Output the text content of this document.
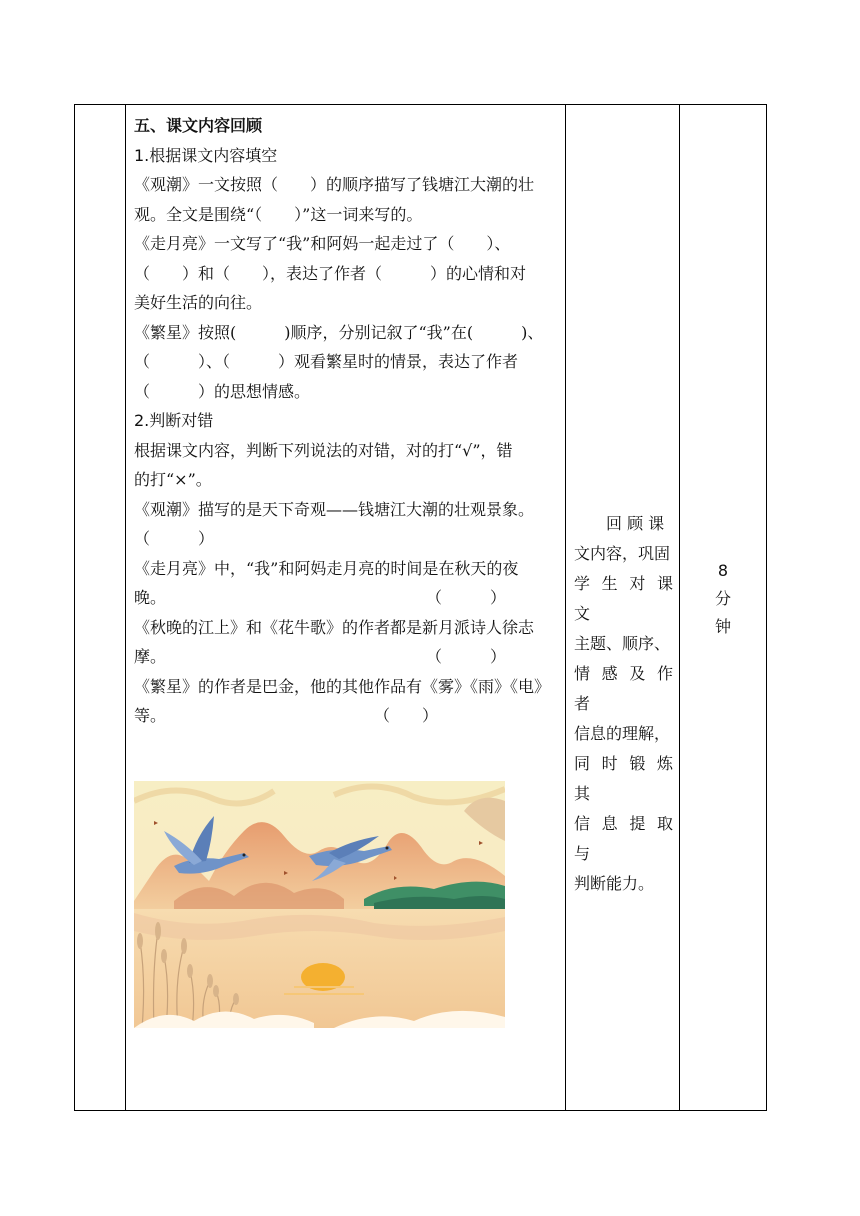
五、课文内容回顾

1.根据课文内容填空

《观潮》一文按照（　　）的顺序描写了钱塘江大潮的壮

观。全文是围绕“（　　）”这一词来写的。

《走月亮》一文写了“我”和阿妈一起走过了（　　）、

（　　）和（　　），表达了作者（　　　）的心情和对

美好生活的向往。

《繁星》按照(　　　)顺序，分别记叙了“我”在(　　　)、

（　　　）、（　　　）观看繁星时的情景，表达了作者

（　　　）的思想情感。

2.判断对错

根据课文内容，判断下列说法的对错，对的打“√”，错

的打“×”。

《观潮》描写的是天下奇观——钱塘江大潮的壮观景象。

（　　　）

《走月亮》中，“我”和阿妈走月亮的时间是在秋天的夜

晚。	（　　　）

《秋晚的江上》和《花牛歌》的作者都是新月派诗人徐志

摩。	（　　　）

《繁星》的作者是巴金，他的其他作品有《雾》《雨》《电》

等。	（　　）

　　回 顾 课
文内容，巩固
学 生 对 课 文
主题、顺序、
情 感 及 作 者
信息的理解，
同 时 锻 炼 其
信 息 提 取 与
判断能力。

8
分
钟
